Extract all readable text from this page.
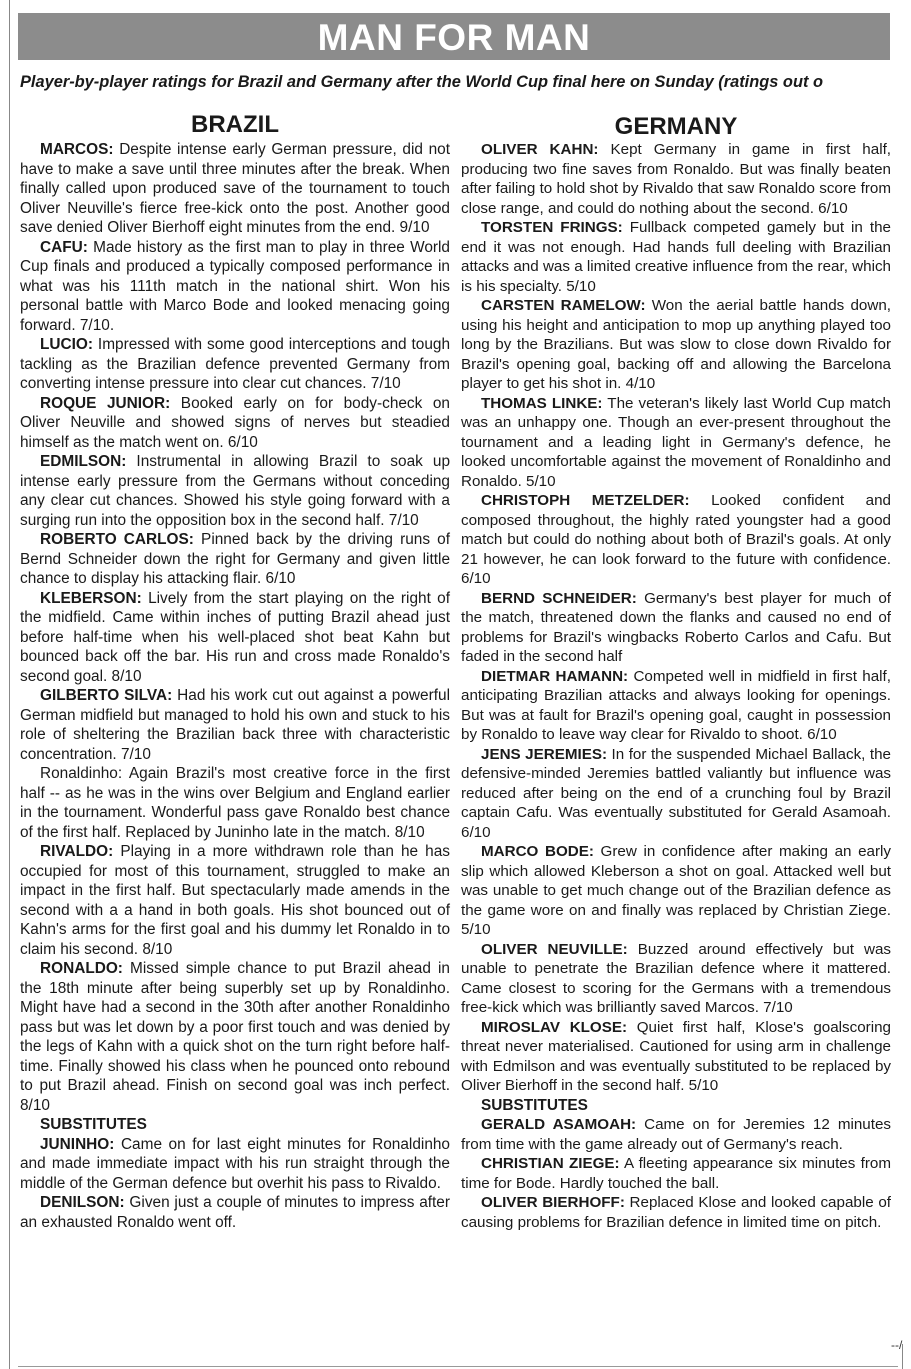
MAN FOR MAN
Player-by-player ratings for Brazil and Germany after the World Cup final here on Sunday (ratings out o
BRAZIL

MARCOS: Despite intense early German pressure, did not have to make a save until three minutes after the break. When finally called upon produced save of the tournament to touch Oliver Neuville's fierce free-kick onto the post. Another good save denied Oliver Bierhoff eight minutes from the end. 9/10

CAFU: Made history as the first man to play in three World Cup finals and produced a typically composed performance in what was his 111th match in the national shirt. Won his personal battle with Marco Bode and looked menacing going forward. 7/10.

LUCIO: Impressed with some good interceptions and tough tackling as the Brazilian defence prevented Germany from converting intense pressure into clear cut chances. 7/10

ROQUE JUNIOR: Booked early on for body-check on Oliver Neuville and showed signs of nerves but steadied himself as the match went on. 6/10

EDMILSON: Instrumental in allowing Brazil to soak up intense early pressure from the Germans without conceding any clear cut chances. Showed his style going forward with a surging run into the opposition box in the second half. 7/10

ROBERTO CARLOS: Pinned back by the driving runs of Bernd Schneider down the right for Germany and given little chance to display his attacking flair. 6/10

KLEBERSON: Lively from the start playing on the right of the midfield. Came within inches of putting Brazil ahead just before half-time when his well-placed shot beat Kahn but bounced back off the bar. His run and cross made Ronaldo's second goal. 8/10

GILBERTO SILVA: Had his work cut out against a powerful German midfield but managed to hold his own and stuck to his role of sheltering the Brazilian back three with characteristic concentration. 7/10

Ronaldinho: Again Brazil's most creative force in the first half -- as he was in the wins over Belgium and England earlier in the tournament. Wonderful pass gave Ronaldo best chance of the first half. Replaced by Juninho late in the match. 8/10

RIVALDO: Playing in a more withdrawn role than he has occupied for most of this tournament, struggled to make an impact in the first half. But spectacularly made amends in the second with a a hand in both goals. His shot bounced out of Kahn's arms for the first goal and his dummy let Ronaldo in to claim his second. 8/10

RONALDO: Missed simple chance to put Brazil ahead in the 18th minute after being superbly set up by Ronaldinho. Might have had a second in the 30th after another Ronaldinho pass but was let down by a poor first touch and was denied by the legs of Kahn with a quick shot on the turn right before half-time. Finally showed his class when he pounced onto rebound to put Brazil ahead. Finish on second goal was inch perfect. 8/10

SUBSTITUTES

JUNINHO: Came on for last eight minutes for Ronaldinho and made immediate impact with his run straight through the middle of the German defence but overhit his pass to Rivaldo.

DENILSON: Given just a couple of minutes to impress after an exhausted Ronaldo went off.

GERMANY

OLIVER KAHN: Kept Germany in game in first half, producing two fine saves from Ronaldo. But was finally beaten after failing to hold shot by Rivaldo that saw Ronaldo score from close range, and could do nothing about the second. 6/10

TORSTEN FRINGS: Fullback competed gamely but in the end it was not enough. Had hands full deeling with Brazilian attacks and was a limited creative influence from the rear, which is his specialty. 5/10

CARSTEN RAMELOW: Won the aerial battle hands down, using his height and anticipation to mop up anything played too long by the Brazilians. But was slow to close down Rivaldo for Brazil's opening goal, backing off and allowing the Barcelona player to get his shot in. 4/10

THOMAS LINKE: The veteran's likely last World Cup match was an unhappy one. Though an ever-present throughout the tournament and a leading light in Germany's defence, he looked uncomfortable against the movement of Ronaldinho and Ronaldo. 5/10

CHRISTOPH METZELDER: Looked confident and composed throughout, the highly rated youngster had a good match but could do nothing about both of Brazil's goals. At only 21 however, he can look forward to the future with confidence. 6/10

BERND SCHNEIDER: Germany's best player for much of the match, threatened down the flanks and caused no end of problems for Brazil's wingbacks Roberto Carlos and Cafu. But faded in the second half

DIETMAR HAMANN: Competed well in midfield in first half, anticipating Brazilian attacks and always looking for openings. But was at fault for Brazil's opening goal, caught in possession by Ronaldo to leave way clear for Rivaldo to shoot. 6/10

JENS JEREMIES: In for the suspended Michael Ballack, the defensive-minded Jeremies battled valiantly but influence was reduced after being on the end of a crunching foul by Brazil captain Cafu. Was eventually substituted for Gerald Asamoah. 6/10

MARCO BODE: Grew in confidence after making an early slip which allowed Kleberson a shot on goal. Attacked well but was unable to get much change out of the Brazilian defence as the game wore on and finally was replaced by Christian Ziege. 5/10

OLIVER NEUVILLE: Buzzed around effectively but was unable to penetrate the Brazilian defence where it mattered. Came closest to scoring for the Germans with a tremendous free-kick which was brilliantly saved Marcos. 7/10

MIROSLAV KLOSE: Quiet first half, Klose's goalscoring threat never materialised. Cautioned for using arm in challenge with Edmilson and was eventually substituted to be replaced by Oliver Bierhoff in the second half. 5/10

SUBSTITUTES

GERALD ASAMOAH: Came on for Jeremies 12 minutes from time with the game already out of Germany's reach.

CHRISTIAN ZIEGE: A fleeting appearance six minutes from time for Bode. Hardly touched the ball.

OLIVER BIERHOFF: Replaced Klose and looked capable of causing problems for Brazilian defence in limited time on pitch.

--/
